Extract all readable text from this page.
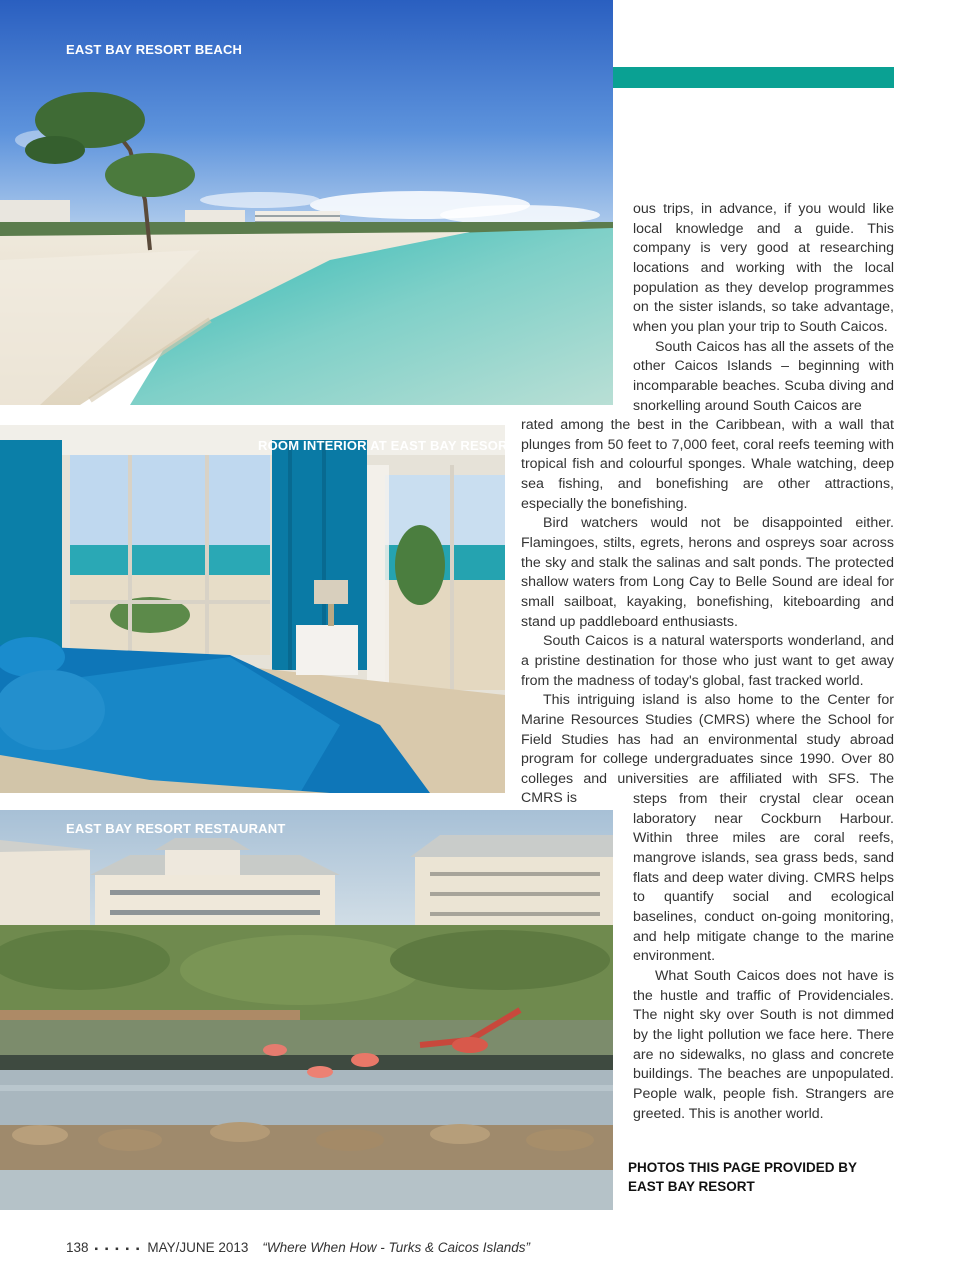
EAST BAY RESORT BEACH
ROOM INTERIOR AT EAST BAY RESORT
EAST BAY RESORT RESTAURANT

ous trips, in advance, if you would like local knowledge and a guide. This company is very good at researching locations and working with the local population as they develop programmes on the sister islands, so take advantage, when you plan your trip to South Caicos.

South Caicos has all the assets of the other Caicos Islands – beginning with incomparable beaches. Scuba diving and snorkelling around South Caicos are

rated among the best in the Caribbean, with a wall that plunges from 50 feet to 7,000 feet, coral reefs teeming with tropical fish and colourful sponges. Whale watching, deep sea fishing, and bonefishing are other attractions, especially the bonefishing.

Bird watchers would not be disappointed either. Flamingoes, stilts, egrets, herons and ospreys soar across the sky and stalk the salinas and salt ponds. The protected shallow waters from Long Cay to Belle Sound are ideal for small sailboat, kayaking, bonefishing, kiteboarding and stand up paddleboard enthusiasts.

South Caicos is a natural watersports wonderland, and a pristine destination for those who just want to get away from the madness of today's global, fast tracked world.

This intriguing island is also home to the Center for Marine Resources Studies (CMRS) where the School for Field Studies has had an environmental study abroad program for college undergraduates since 1990. Over 80 colleges and universities are affiliated with SFS. The CMRS is	steps from their crystal clear ocean laboratory near Cockburn Harbour. Within three miles are coral reefs, mangrove islands, sea grass beds, sand flats and deep water diving. CMRS helps to quantify social and ecological baselines, conduct on-going monitoring, and help mitigate change to the marine environment.

What South Caicos does not have is the hustle and traffic of Providenciales. The night sky over South is not dimmed by the light pollution we face here. There are no sidewalks, no glass and concrete buildings. The beaches are unpopulated. People walk, people fish. Strangers are greeted. This is another world.

PHOTOS THIS PAGE PROVIDED BY
EAST BAY RESORT
138 ▪ ▪ ▪ ▪ ▪ MAY/JUNE 2013 “Where When How - Turks & Caicos Islands”
